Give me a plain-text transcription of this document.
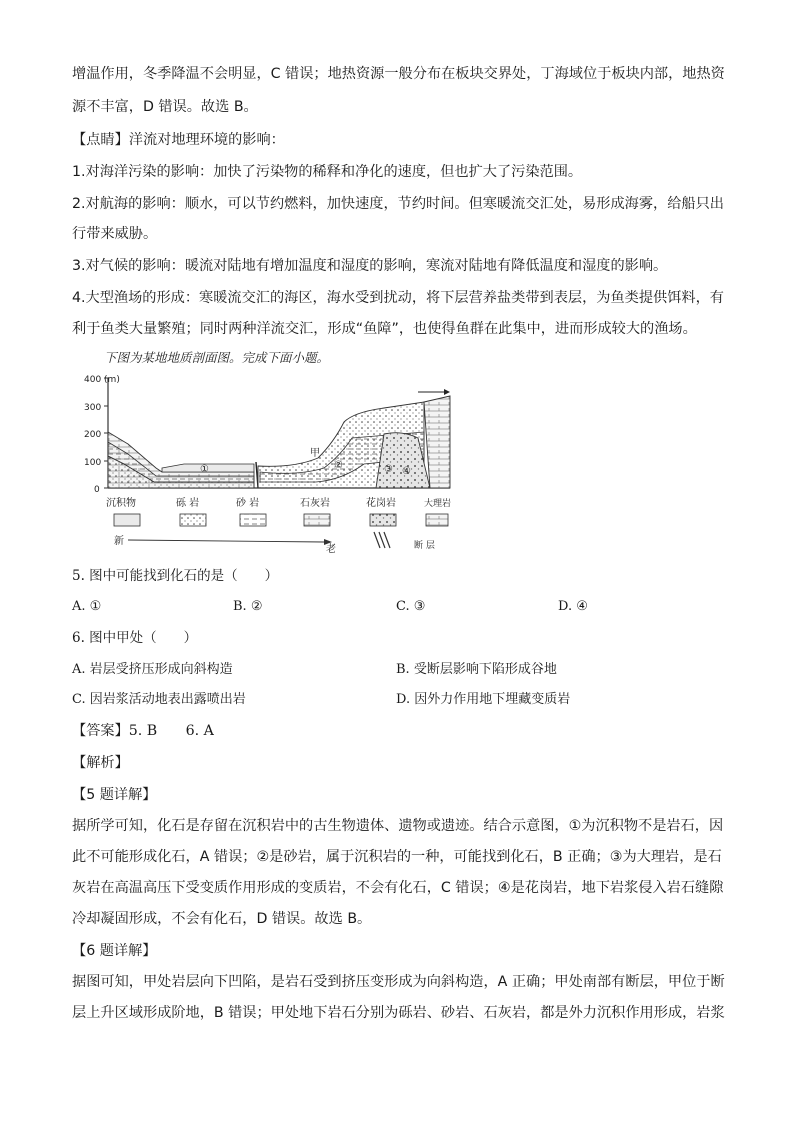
增温作用，冬季降温不会明显，C 错误；地热资源一般分布在板块交界处，丁海域位于板块内部，地热资
源不丰富，D 错误。故选 B。
【点睛】洋流对地理环境的影响：
1.对海洋污染的影响：加快了污染物的稀释和净化的速度，但也扩大了污染范围。
2.对航海的影响：顺水，可以节约燃料，加快速度，节约时间。但寒暖流交汇处，易形成海雾，给船只出
行带来威胁。
3.对气候的影响：暖流对陆地有增加温度和湿度的影响，寒流对陆地有降低温度和湿度的影响。
4.大型渔场的形成：寒暖流交汇的海区，海水受到扰动，将下层营养盐类带到表层，为鱼类提供饵料，有
利于鱼类大量繁殖；同时两种洋流交汇，形成“鱼障”，也使得鱼群在此集中，进而形成较大的渔场。
下图为某地地质剖面图。完成下面小题。
400 (m)
300
200
100
0
①
甲
②	③ ④
沉积物	砾 岩	砂 岩	石灰岩	花岗岩	大理岩
新
老	断 层
5. 图中可能找到化石的是（　　）
A. ①	B. ②	C. ③	D. ④
6. 图中甲处（　　）
A. 岩层受挤压形成向斜构造	B. 受断层影响下陷形成谷地
C. 因岩浆活动地表出露喷出岩	D. 因外力作用地下埋藏变质岩
【答案】5. B　　6. A
【解析】
【5 题详解】
据所学可知，化石是存留在沉积岩中的古生物遗体、遗物或遗迹。结合示意图，①为沉积物不是岩石，因
此不可能形成化石，A 错误；②是砂岩，属于沉积岩的一种，可能找到化石，B 正确；③为大理岩，是石
灰岩在高温高压下受变质作用形成的变质岩，不会有化石，C 错误；④是花岗岩，地下岩浆侵入岩石缝隙
冷却凝固形成，不会有化石，D 错误。故选 B。
【6 题详解】
据图可知，甲处岩层向下凹陷，是岩石受到挤压变形成为向斜构造，A 正确；甲处南部有断层，甲位于断
层上升区域形成阶地，B 错误；甲处地下岩石分别为砾岩、砂岩、石灰岩，都是外力沉积作用形成，岩浆
